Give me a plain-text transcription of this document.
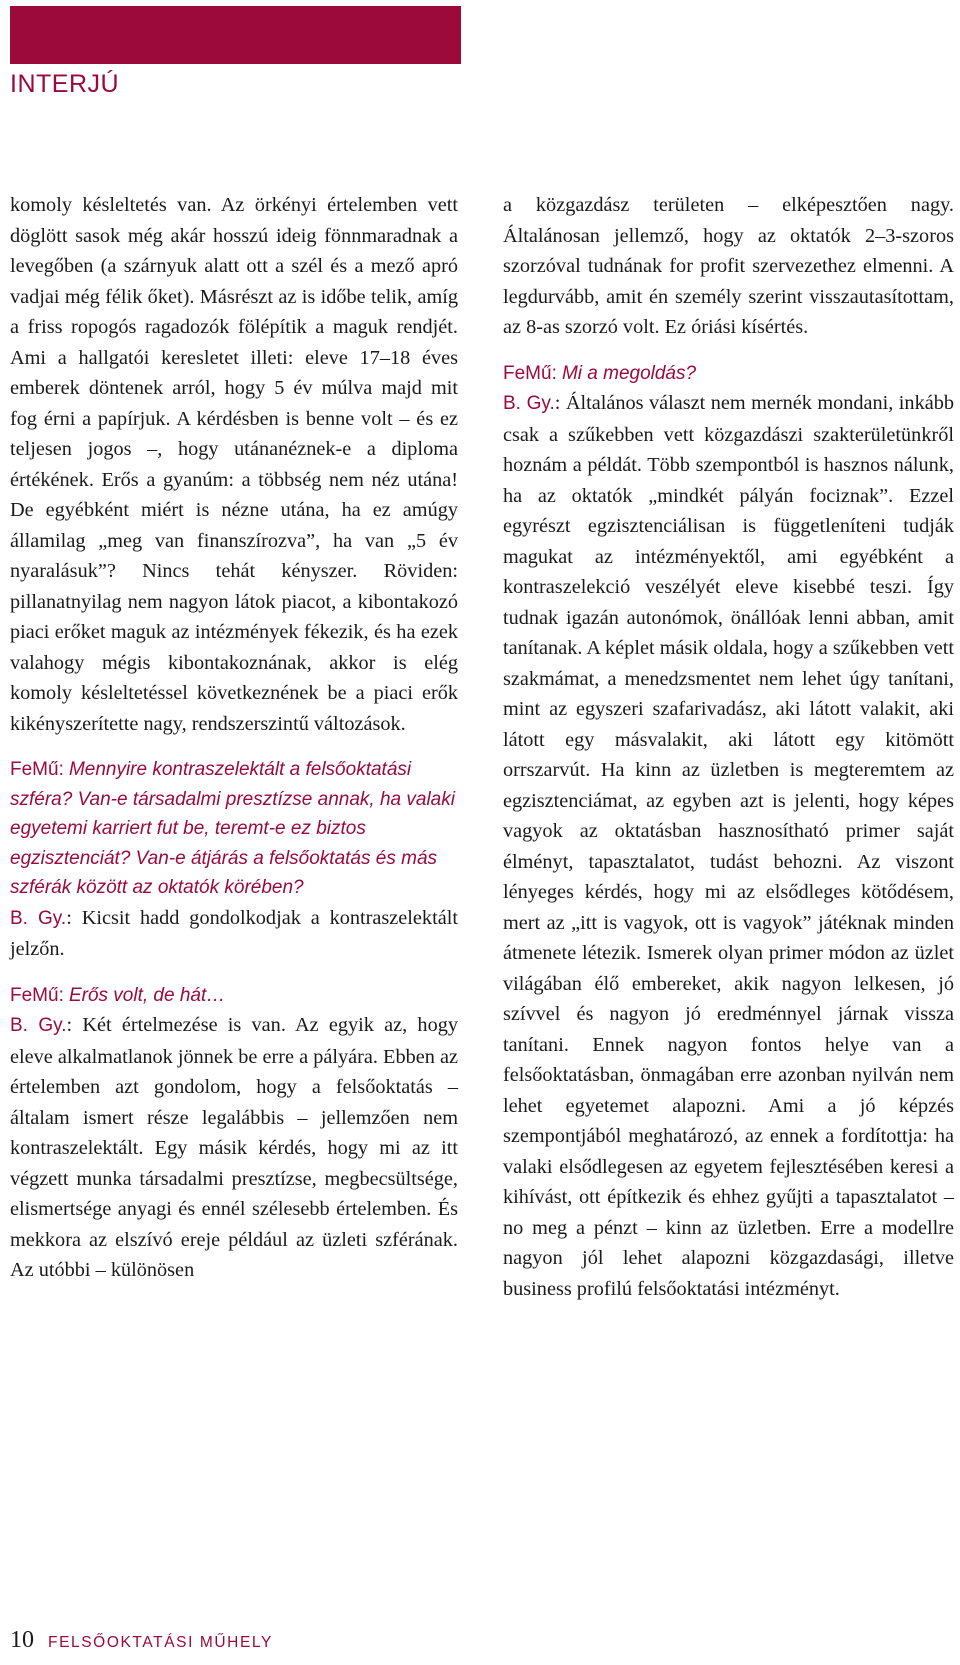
INTERJÚ

komoly késleltetés van. Az örkényi értelemben vett döglött sasok még akár hosszú ideig fönnmaradnak a levegőben (a szárnyuk alatt ott a szél és a mező apró vadjai még félik őket). Másrészt az is időbe telik, amíg a friss ropogós ragadozók fölépítik a maguk rendjét. Ami a hallgatói keresletet illeti: eleve 17–18 éves emberek döntenek arról, hogy 5 év múlva majd mit fog érni a papírjuk. A kérdésben is benne volt – és ez teljesen jogos –, hogy utánanéznek-e a diploma értékének. Erős a gyanúm: a többség nem néz utána! De egyébként miért is nézne utána, ha ez amúgy államilag „meg van finanszírozva”, ha van „5 év nyaralásuk”? Nincs tehát kényszer. Röviden: pillanatnyilag nem nagyon látok piacot, a kibontakozó piaci erőket maguk az intézmények fékezik, és ha ezek valahogy mégis kibontakoznának, akkor is elég komoly késleltetéssel következnének be a piaci erők kikényszerítette nagy, rendszerszintű változások.

FeMű: Mennyire kontraszelektált a felsőoktatási szféra? Van-e társadalmi presztízse annak, ha valaki egyetemi karriert fut be, teremt-e ez biztos egzisztenciát? Van-e átjárás a felsőoktatás és más szférák között az oktatók körében?

B. Gy.: Kicsit hadd gondolkodjak a kontraszelektált jelzőn.

FeMű: Erős volt, de hát…

B. Gy.: Két értelmezése is van. Az egyik az, hogy eleve alkalmatlanok jönnek be erre a pályára. Ebben az értelemben azt gondolom, hogy a felsőoktatás – általam ismert része legalábbis – jellemzően nem kontraszelektált. Egy másik kérdés, hogy mi az itt végzett munka társadalmi presztízse, megbecsültsége, elismertsége anyagi és ennél szélesebb értelemben. És mekkora az elszívó ereje például az üzleti szférának. Az utóbbi – különösen

a közgazdász területen – elképesztően nagy. Általánosan jellemző, hogy az oktatók 2–3-szoros szorzóval tudnának for profit szervezethez elmenni. A legdurvább, amit én személy szerint visszautasítottam, az 8-as szorzó volt. Ez óriási kísértés.

FeMű: Mi a megoldás?

B. Gy.: Általános választ nem mernék mondani, inkább csak a szűkebben vett közgazdászi szakterületünkről hoznám a példát. Több szempontból is hasznos nálunk, ha az oktatók „mindkét pályán fociznak”. Ezzel egyrészt egzisztenciálisan is függetleníteni tudják magukat az intézményektől, ami egyébként a kontraszelekció veszélyét eleve kisebbé teszi. Így tudnak igazán autonómok, önállóak lenni abban, amit tanítanak. A képlet másik oldala, hogy a szűkebben vett szakmámat, a menedzsmentet nem lehet úgy tanítani, mint az egyszeri szafarivadász, aki látott valakit, aki látott egy másvalakit, aki látott egy kitömött orrszarvút. Ha kinn az üzletben is megteremtem az egzisztenciámat, az egyben azt is jelenti, hogy képes vagyok az oktatásban hasznosítható primer saját élményt, tapasztalatot, tudást behozni. Az viszont lényeges kérdés, hogy mi az elsődleges kötődésem, mert az „itt is vagyok, ott is vagyok” játéknak minden átmenete létezik. Ismerek olyan primer módon az üzlet világában élő embereket, akik nagyon lelkesen, jó szívvel és nagyon jó eredménnyel járnak vissza tanítani. Ennek nagyon fontos helye van a felsőoktatásban, önmagában erre azonban nyilván nem lehet egyetemet alapozni. Ami a jó képzés szempontjából meghatározó, az ennek a fordítottja: ha valaki elsődlegesen az egyetem fejlesztésében keresi a kihívást, ott építkezik és ehhez gyűjti a tapasztalatot – no meg a pénzt – kinn az üzletben. Erre a modellre nagyon jól lehet alapozni közgazdasági, illetve business profilú felsőoktatási intézményt.

10 FELSŐOKTATÁSI MŰHELY
